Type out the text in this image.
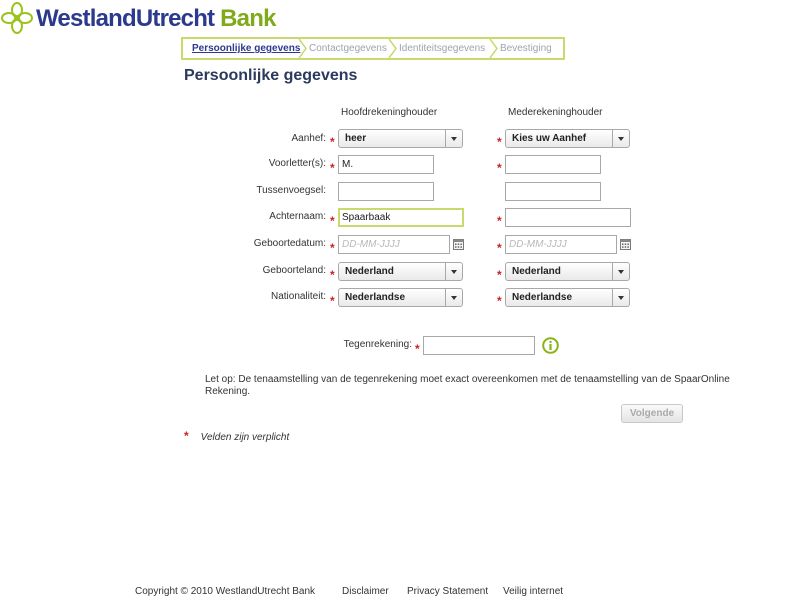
WestlandUtrecht Bank
Persoonlijke gegevens Contactgegevens Identiteitsgegevens Bevestiging
Persoonlijke gegevens
Hoofdrekeninghouder	Mederekeninghouder
Aanhef: *	heer	*	Kies uw Aanhef
Voorletter(s): * M.	*
Tussenvoegsel:
Achternaam: * Spaarbaak	*
Geboortedatum: * DD-MM-JJJJ	* DD-MM-JJJJ
Geboorteland: *	Nederland	*	Nederland
Nationaliteit: *	Nederlandse	*	Nederlandse
Tegenrekening: *
Let op: De tenaamstelling van de tegenrekening moet exact overeenkomen met de tenaamstelling van de SpaarOnline Rekening.
Volgende
* Velden zijn verplicht
Copyright © 2010 WestlandUtrecht Bank	Disclaimer Privacy Statement Veilig internet
